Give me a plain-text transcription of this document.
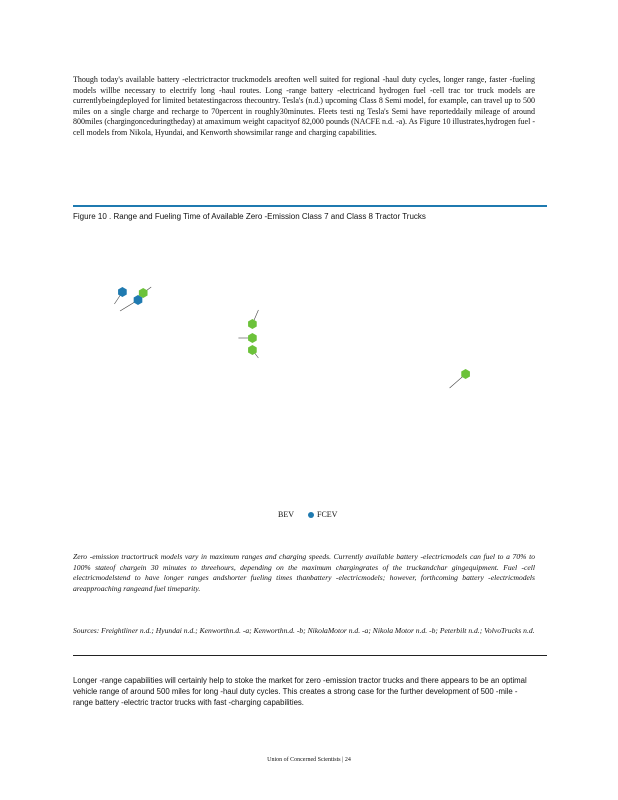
Though today's available battery -electrictractor truckmodels areoften well suited for regional -haul duty cycles, longer range, faster -fueling models willbe necessary to electrify long -haul routes. Long -range battery -electricand hydrogen fuel -cell trac tor truck models are currentlybeingdeployed for limited betatestingacross thecountry. Tesla's (n.d.) upcoming Class 8 Semi model, for example, can travel up to 500 miles on a single charge and recharge to 70percent in roughly30minutes. Fleets testi ng Tesla's Semi have reporteddaily mileage of around 800miles (chargingonceduringtheday) at amaximum weight capacityof 82,000 pounds (NACFE n.d. -a). As Figure 10 illustrates,hydrogen fuel -cell models from Nikola, Hyundai, and Kenworth showsimilar range and charging capabilities.

Figure 10 . Range and Fueling Time of Available Zero -Emission Class 7 and Class 8 Tractor Trucks
BEV	FCEV
Zero -emission tractortruck models vary in maximum ranges and charging speeds. Currently available battery -electricmodels can fuel to a 70% to 100% stateof chargein 30 minutes to threehours, depending on the maximum chargingrates of the truckandchar gingequipment. Fuel -cell electricmodelstend to have longer ranges andshorter fueling times thanbattery -electricmodels; however, forthcoming battery -electricmodels areapproaching rangeand fuel timeparity.
Sources: Freightliner n.d.; Hyundai n.d.; Kenworthn.d. -a; Kenworthn.d. -b; NikolaMotor n.d. -a; Nikola Motor n.d. -b; Peterbilt n.d.; VolvoTrucks n.d.
Longer -range capabilities will certainly help to stoke the market for zero -emission tractor trucks and there appears to be an optimal vehicle range of around 500 miles for long -haul duty cycles. This creates a strong case for the further development of 500 -mile -range battery -electric tractor trucks with fast -charging capabilities.
Union of Concerned Scientists | 24
